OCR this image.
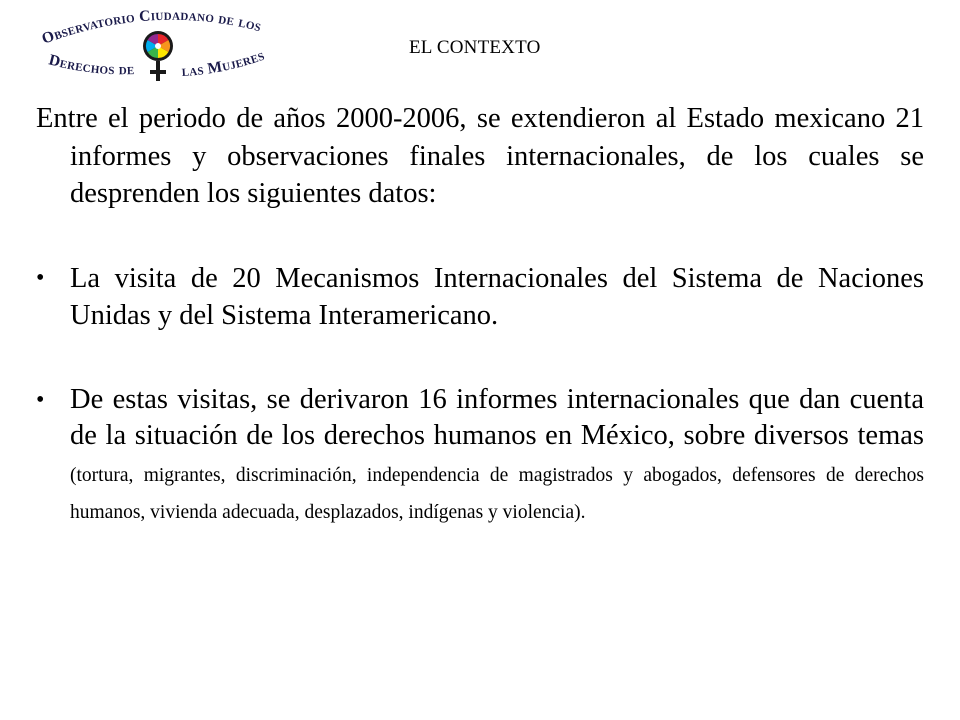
Observatorio Ciudadano de los
Derechos de	las Mujeres	EL CONTEXTO

Entre el periodo de años 2000-2006, se extendieron al Estado mexicano 21 informes y observaciones finales internacionales, de los cuales se desprenden los siguientes datos:

• La visita de 20 Mecanismos Internacionales del Sistema de Naciones Unidas y del Sistema Interamericano.
• De estas visitas, se derivaron 16 informes internacionales que dan cuenta de la situación de los derechos humanos en México, sobre diversos temas (tortura, migrantes, discriminación, independencia de magistrados y abogados, defensores de derechos humanos, vivienda adecuada, desplazados, indígenas y violencia).
